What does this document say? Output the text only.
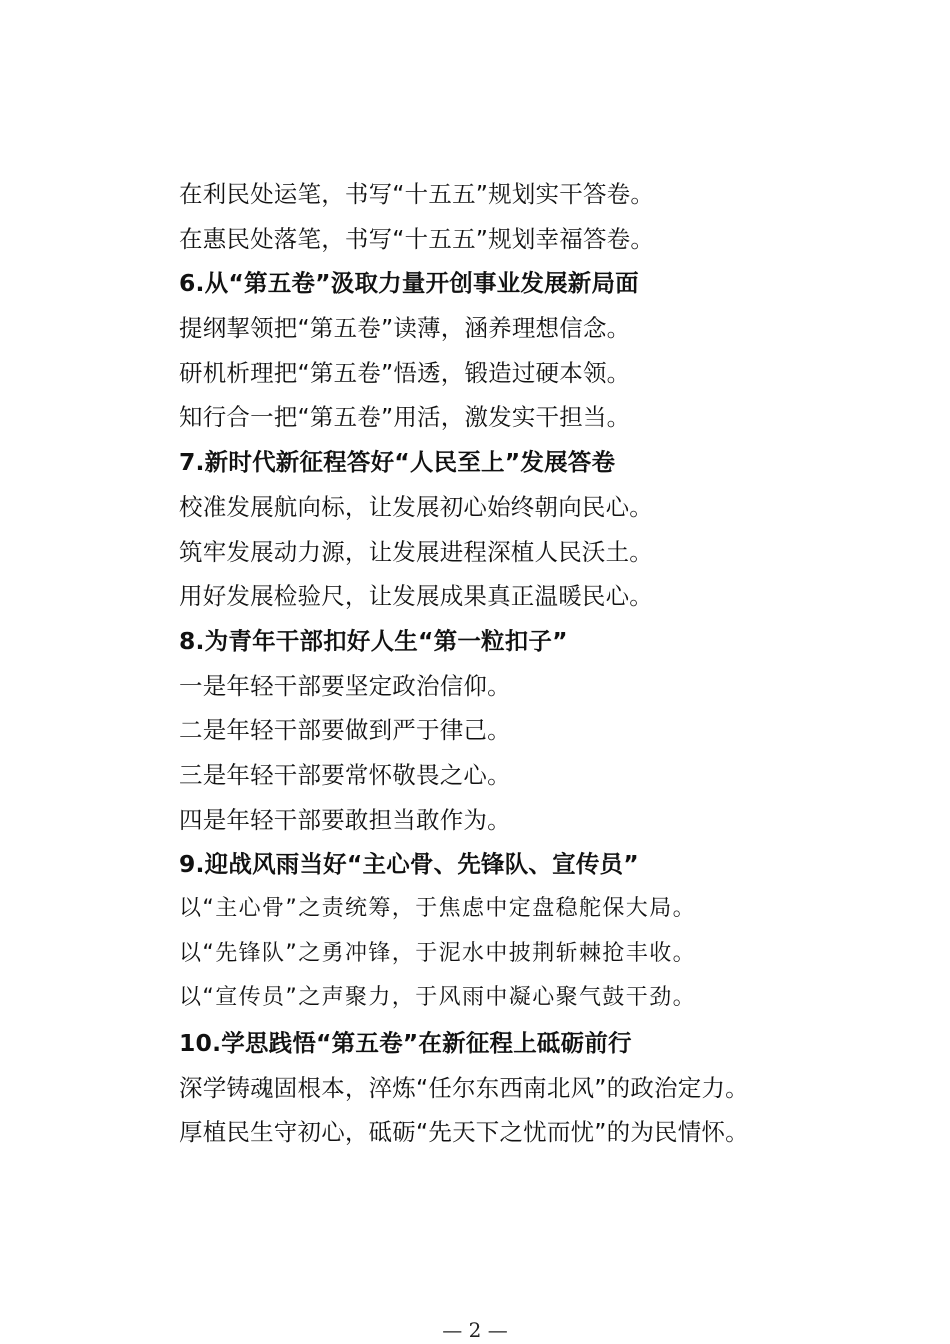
在利民处运笔，书写“十五五”规划实干答卷。
在惠民处落笔，书写“十五五”规划幸福答卷。
6.从“第五卷”汲取力量开创事业发展新局面
提纲挈领把“第五卷”读薄，涵养理想信念。
研机析理把“第五卷”悟透，锻造过硬本领。
知行合一把“第五卷”用活，激发实干担当。
7.新时代新征程答好“人民至上”发展答卷
校准发展航向标，让发展初心始终朝向民心。
筑牢发展动力源，让发展进程深植人民沃土。
用好发展检验尺，让发展成果真正温暖民心。
8.为青年干部扣好人生“第一粒扣子”
一是年轻干部要坚定政治信仰。
二是年轻干部要做到严于律己。
三是年轻干部要常怀敬畏之心。
四是年轻干部要敢担当敢作为。
9.迎战风雨当好“主心骨、先锋队、宣传员”
以“主心骨”之责统筹，于焦虑中定盘稳舵保大局。
以“先锋队”之勇冲锋，于泥水中披荆斩棘抢丰收。
以“宣传员”之声聚力，于风雨中凝心聚气鼓干劲。
10.学思践悟“第五卷”在新征程上砥砺前行
深学铸魂固根本，淬炼“任尔东西南北风”的政治定力。
厚植民生守初心，砥砺“先天下之忧而忧”的为民情怀。
— 2 —
